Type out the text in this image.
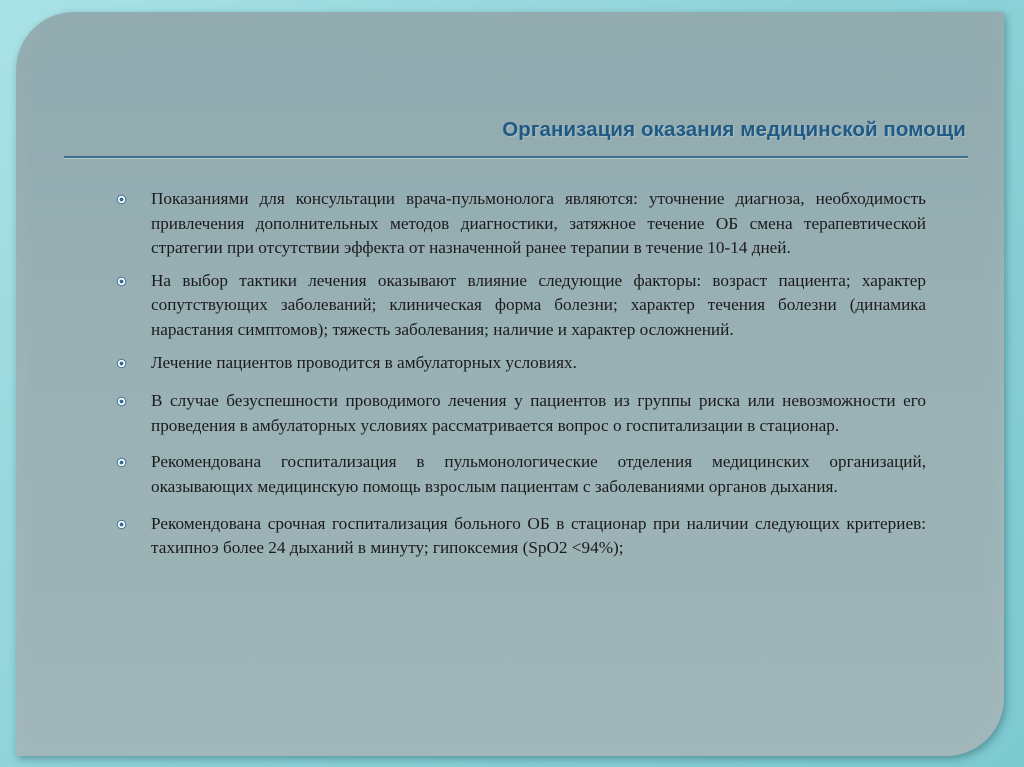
Организация оказания медицинской помощи
Показаниями для консультации врача-пульмонолога являются: уточнение диагноза, необходимость привлечения дополнительных методов диагностики, затяжное течение ОБ смена терапевтической стратегии при отсутствии эффекта от назначенной ранее терапии в течение 10-14 дней.
На выбор тактики лечения оказывают влияние следующие факторы: возраст пациента; характер сопутствующих заболеваний; клиническая форма болезни; характер течения болезни (динамика нарастания симптомов); тяжесть заболевания; наличие и характер осложнений.
Лечение пациентов проводится в амбулаторных условиях.
В случае безуспешности проводимого лечения у пациентов из группы риска или невозможности его проведения в амбулаторных условиях рассматривается вопрос о госпитализации в стационар.
Рекомендована госпитализация в пульмонологические отделения медицинских организаций, оказывающих медицинскую помощь взрослым пациентам с заболеваниями органов дыхания.
Рекомендована срочная госпитализация больного ОБ в стационар при наличии следующих критериев: тахипноэ более 24 дыханий в минуту; гипоксемия (SpO2 <94%);
